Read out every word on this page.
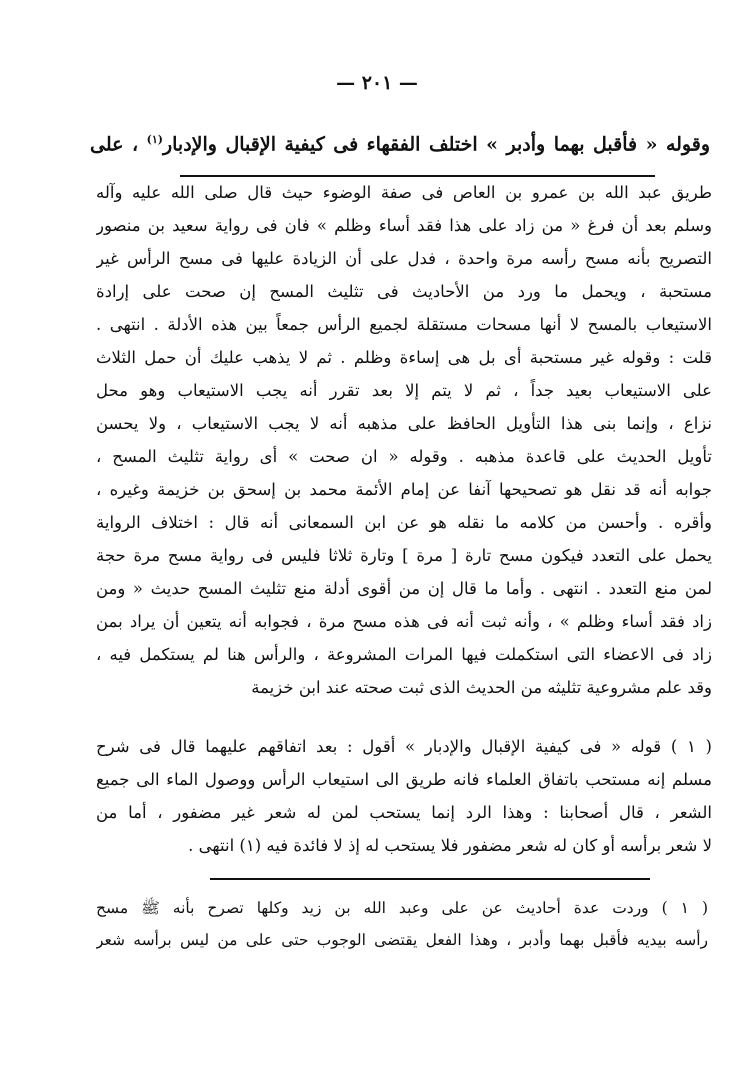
— ٢٠١ —
وقوله « فأقبل بهما وأدبر » اختلف الفقهاء فى كيفية الإقبال والإدبار$^{(١)}$ ، على
طريق عبد الله بن عمرو بن العاص فى صفة الوضوء حيث قال صلى الله عليه وآله
وسلم بعد أن فرغ « من زاد على هذا فقد أساء وظلم » فان فى رواية سعيد بن منصور
التصريح بأنه مسح رأسه مرة واحدة ، فدل على أن الزيادة عليها فى مسح الرأس غير
مستحبة ، ويحمل ما ورد من الأحاديث فى تثليث المسح إن صحت على إرادة
الاستيعاب بالمسح لا أنها مسحات مستقلة لجميع الرأس جمعاً بين هذه الأدلة . انتهى .
قلت : وقوله غير مستحبة أى بل هى إساءة وظلم . ثم لا يذهب عليك أن حمل الثلاث
على الاستيعاب بعيد جداً ، ثم لا يتم إلا بعد تقرر أنه يجب الاستيعاب وهو محل
نزاع ، وإنما بنى هذا التأويل الحافظ على مذهبه أنه لا يجب الاستيعاب ، ولا يحسن
تأويل الحديث على قاعدة مذهبه . وقوله « ان صحت » أى رواية تثليث المسح ،
جوابه أنه قد نقل هو تصحيحها آنفا عن إمام الأئمة محمد بن إسحق بن خزيمة وغيره ،
وأقره . وأحسن من كلامه ما نقله هو عن ابن السمعانى أنه قال : اختلاف الرواية
يحمل على التعدد فيكون مسح تارة [ مرة ] وتارة ثلاثا فليس فى رواية مسح مرة حجة
لمن منع التعدد . انتهى . وأما ما قال إن من أقوى أدلة منع تثليث المسح حديث « ومن
زاد فقد أساء وظلم » ، وأنه ثبت أنه فى هذه مسح مرة ، فجوابه أنه يتعين أن يراد بمن
زاد فى الاعضاء التى استكملت فيها المرات المشروعة ، والرأس هنا لم يستكمل فيه ،
وقد علم مشروعية تثليثه من الحديث الذى ثبت صحته عند ابن خزيمة
( ١ ) قوله « فى كيفية الإقبال والإدبار » أقول : بعد اتفاقهم عليهما قال فى شرح
مسلم إنه مستحب باتفاق العلماء فانه طريق الى استيعاب الرأس ووصول الماء الى جميع
الشعر ، قال أصحابنا : وهذا الرد إنما يستحب لمن له شعر غير مضفور ، أما من
لا شعر برأسه أو كان له شعر مضفور فلا يستحب له إذ لا فائدة فيه (١) انتهى .
( ١ ) وردت عدة أحاديث عن على وعبد الله بن زيد وكلها تصرح بأنه ﷺ مسح
رأسه بيديه فأقبل بهما وأدبر ، وهذا الفعل يقتضى الوجوب حتى على من ليس برأسه شعر
